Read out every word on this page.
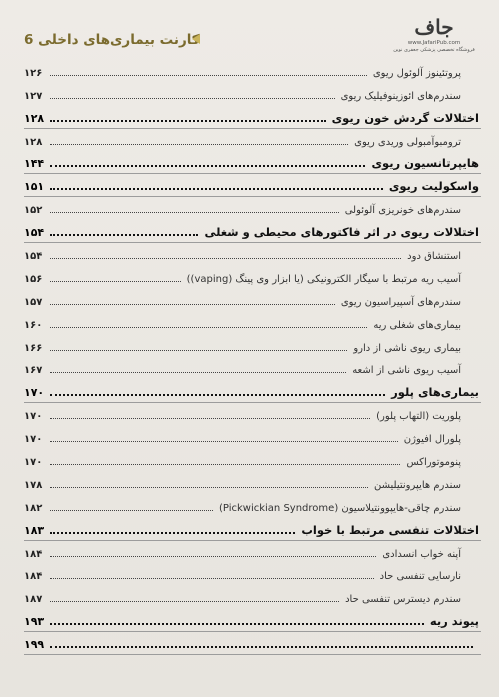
کارنت بیماری‌های داخلی 6
جاف
www.JafariPub.com
فروشگاه تخصصی پزشکی جعفری نوین
پروتئینوز آلوئول ریوی
۱۲۶
سندرم‌های ائوزینوفیلیک ریوی
۱۲۷
اختلالات گردش خون ریوی
۱۲۸
ترومبوآمبولی وریدی ریوی
۱۲۸
هایپرتانسیون ریوی
۱۴۴
واسکولیت ریوی
۱۵۱
سندرم‌های خونریزی آلوئولی
۱۵۲
اختلالات ریوی در اثر فاکتورهای محیطی و شغلی
۱۵۴
استنشاق دود
۱۵۴
آسیب ریه مرتبط با سیگار الکترونیکی (یا ابزار وی پینگ (vaping))
۱۵۶
سندرم‌های آسپیراسیون ریوی
۱۵۷
بیماری‌های شغلی ریه
۱۶۰
بیماری ریوی ناشی از دارو
۱۶۶
آسیب ریوی ناشی از اشعه
۱۶۷
بیماری‌های پلور
۱۷۰
پلوریت (التهاب پلور)
۱۷۰
پلورال افیوژن
۱۷۰
پنوموتوراکس
۱۷۰
سندرم هایپرونتیلیشن
۱۷۸
سندرم چاقی-هایپوونتیلاسیون (Pickwickian Syndrome)
۱۸۲
اختلالات تنفسی مرتبط با خواب
۱۸۳
آپنه خواب انسدادی
۱۸۴
نارسایی تنفسی حاد
۱۸۴
سندرم دیسترس تنفسی حاد
۱۸۷
پیوند ریه
۱۹۳
۱۹۹
